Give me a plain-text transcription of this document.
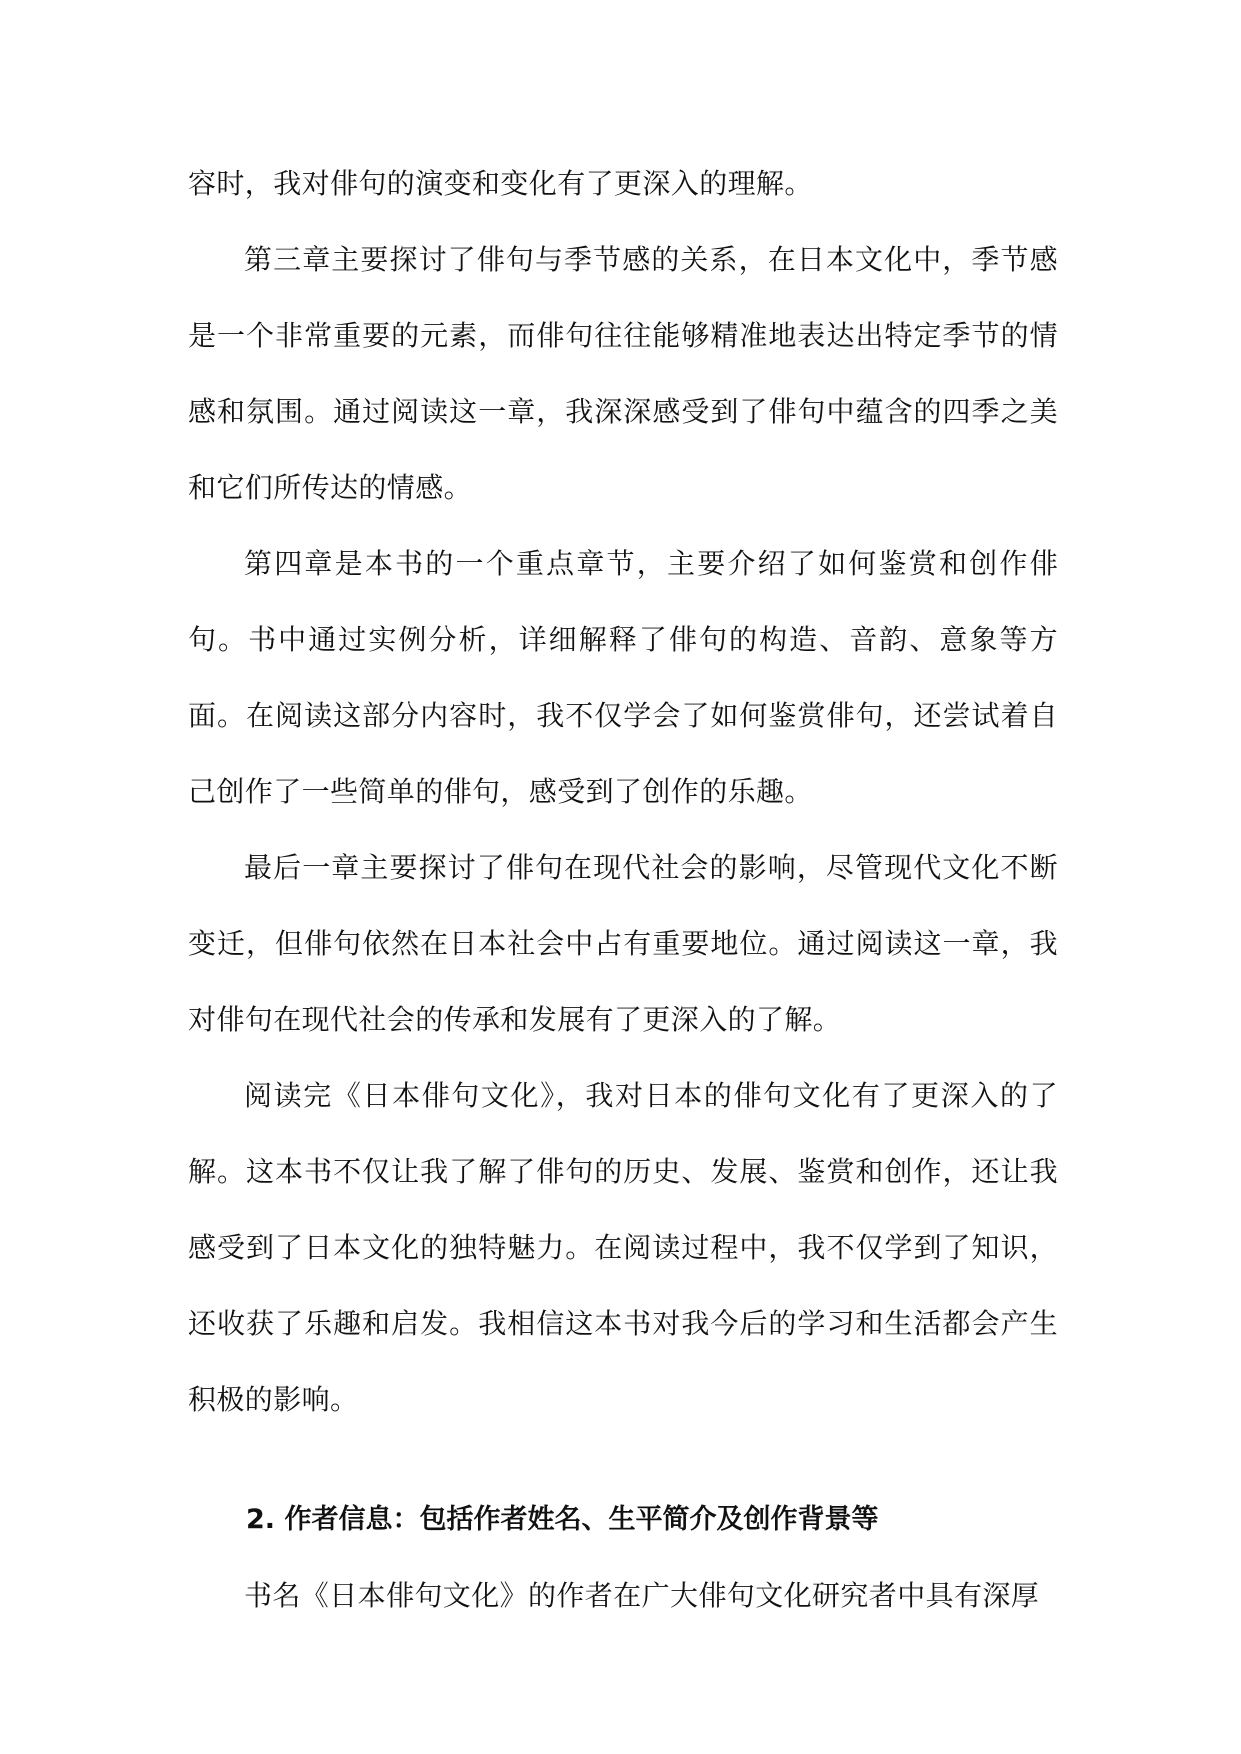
容时，我对俳句的演变和变化有了更深入的理解。

第三章主要探讨了俳句与季节感的关系，在日本文化中，季节感是一个非常重要的元素，而俳句往往能够精准地表达出特定季节的情感和氛围。通过阅读这一章，我深深感受到了俳句中蕴含的四季之美和它们所传达的情感。

第四章是本书的一个重点章节，主要介绍了如何鉴赏和创作俳句。书中通过实例分析，详细解释了俳句的构造、音韵、意象等方面。在阅读这部分内容时，我不仅学会了如何鉴赏俳句，还尝试着自己创作了一些简单的俳句，感受到了创作的乐趣。

最后一章主要探讨了俳句在现代社会的影响，尽管现代文化不断变迁，但俳句依然在日本社会中占有重要地位。通过阅读这一章，我对俳句在现代社会的传承和发展有了更深入的了解。

阅读完《日本俳句文化》，我对日本的俳句文化有了更深入的了解。这本书不仅让我了解了俳句的历史、发展、鉴赏和创作，还让我感受到了日本文化的独特魅力。在阅读过程中，我不仅学到了知识，还收获了乐趣和启发。我相信这本书对我今后的学习和生活都会产生积极的影响。

2. 作者信息：包括作者姓名、生平简介及创作背景等

书名《日本俳句文化》的作者在广大俳句文化研究者中具有深厚
